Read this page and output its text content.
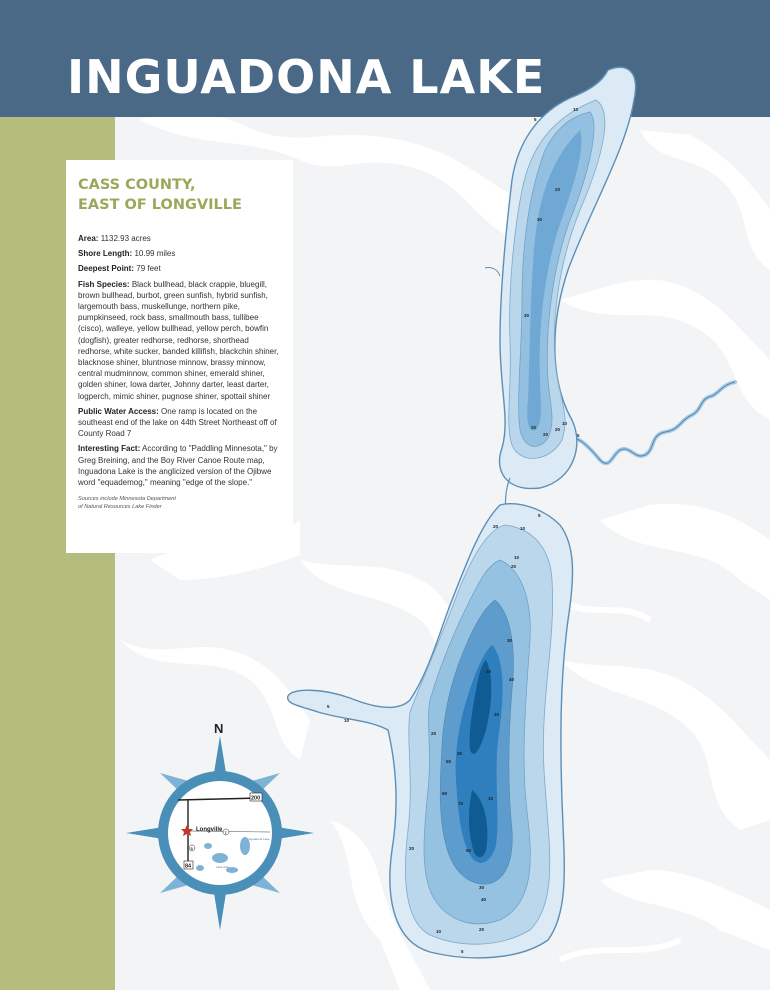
INGUADONA LAKE
5
10
20
30
30
20
10
20
20
5
10
20
5
10
20
30
40
40
30
20
30
50
60
70
50
20
30
40
10	20
10
5
10
5
CASS COUNTY,
EAST OF LONGVILLE

Area: 1132.93 acres

Shore Length: 10.99 miles

Deepest Point: 79 feet

Fish Species: Black bullhead, black crappie, bluegill, brown bullhead, burbot, green sunfish, hybrid sunfish, largemouth bass, muskellunge, northern pike, pumpkinseed, rock bass, smallmouth bass, tullibee (cisco), walleye, yellow bullhead, yellow perch, bowfin (dogfish), greater redhorse, redhorse, shorthead redhorse, white sucker, banded killifish, blackchin shiner, blacknose shiner, bluntnose minnow, brassy minnow, central mudminnow, common shiner, emerald shiner, golden shiner, Iowa darter, Johnny darter, least darter, logperch, mimic shiner, pugnose shiner, spottail shiner

Public Water Access: One ramp is located on the southeast end of the lake on 44th Street Northeast off of County Road 7

Interesting Fact: According to "Paddling Minnesota," by Greg Breining, and the Boy River Canoe Route map, Inguadona Lake is the anglicized version of the Ojibwe word "equademog," meaning "edge of the slope."

Sources include Minnesota Department
of Natural Resources Lake Finder
N
Longville
200
84
7
5
Inguadona Lake
Lake Ada
